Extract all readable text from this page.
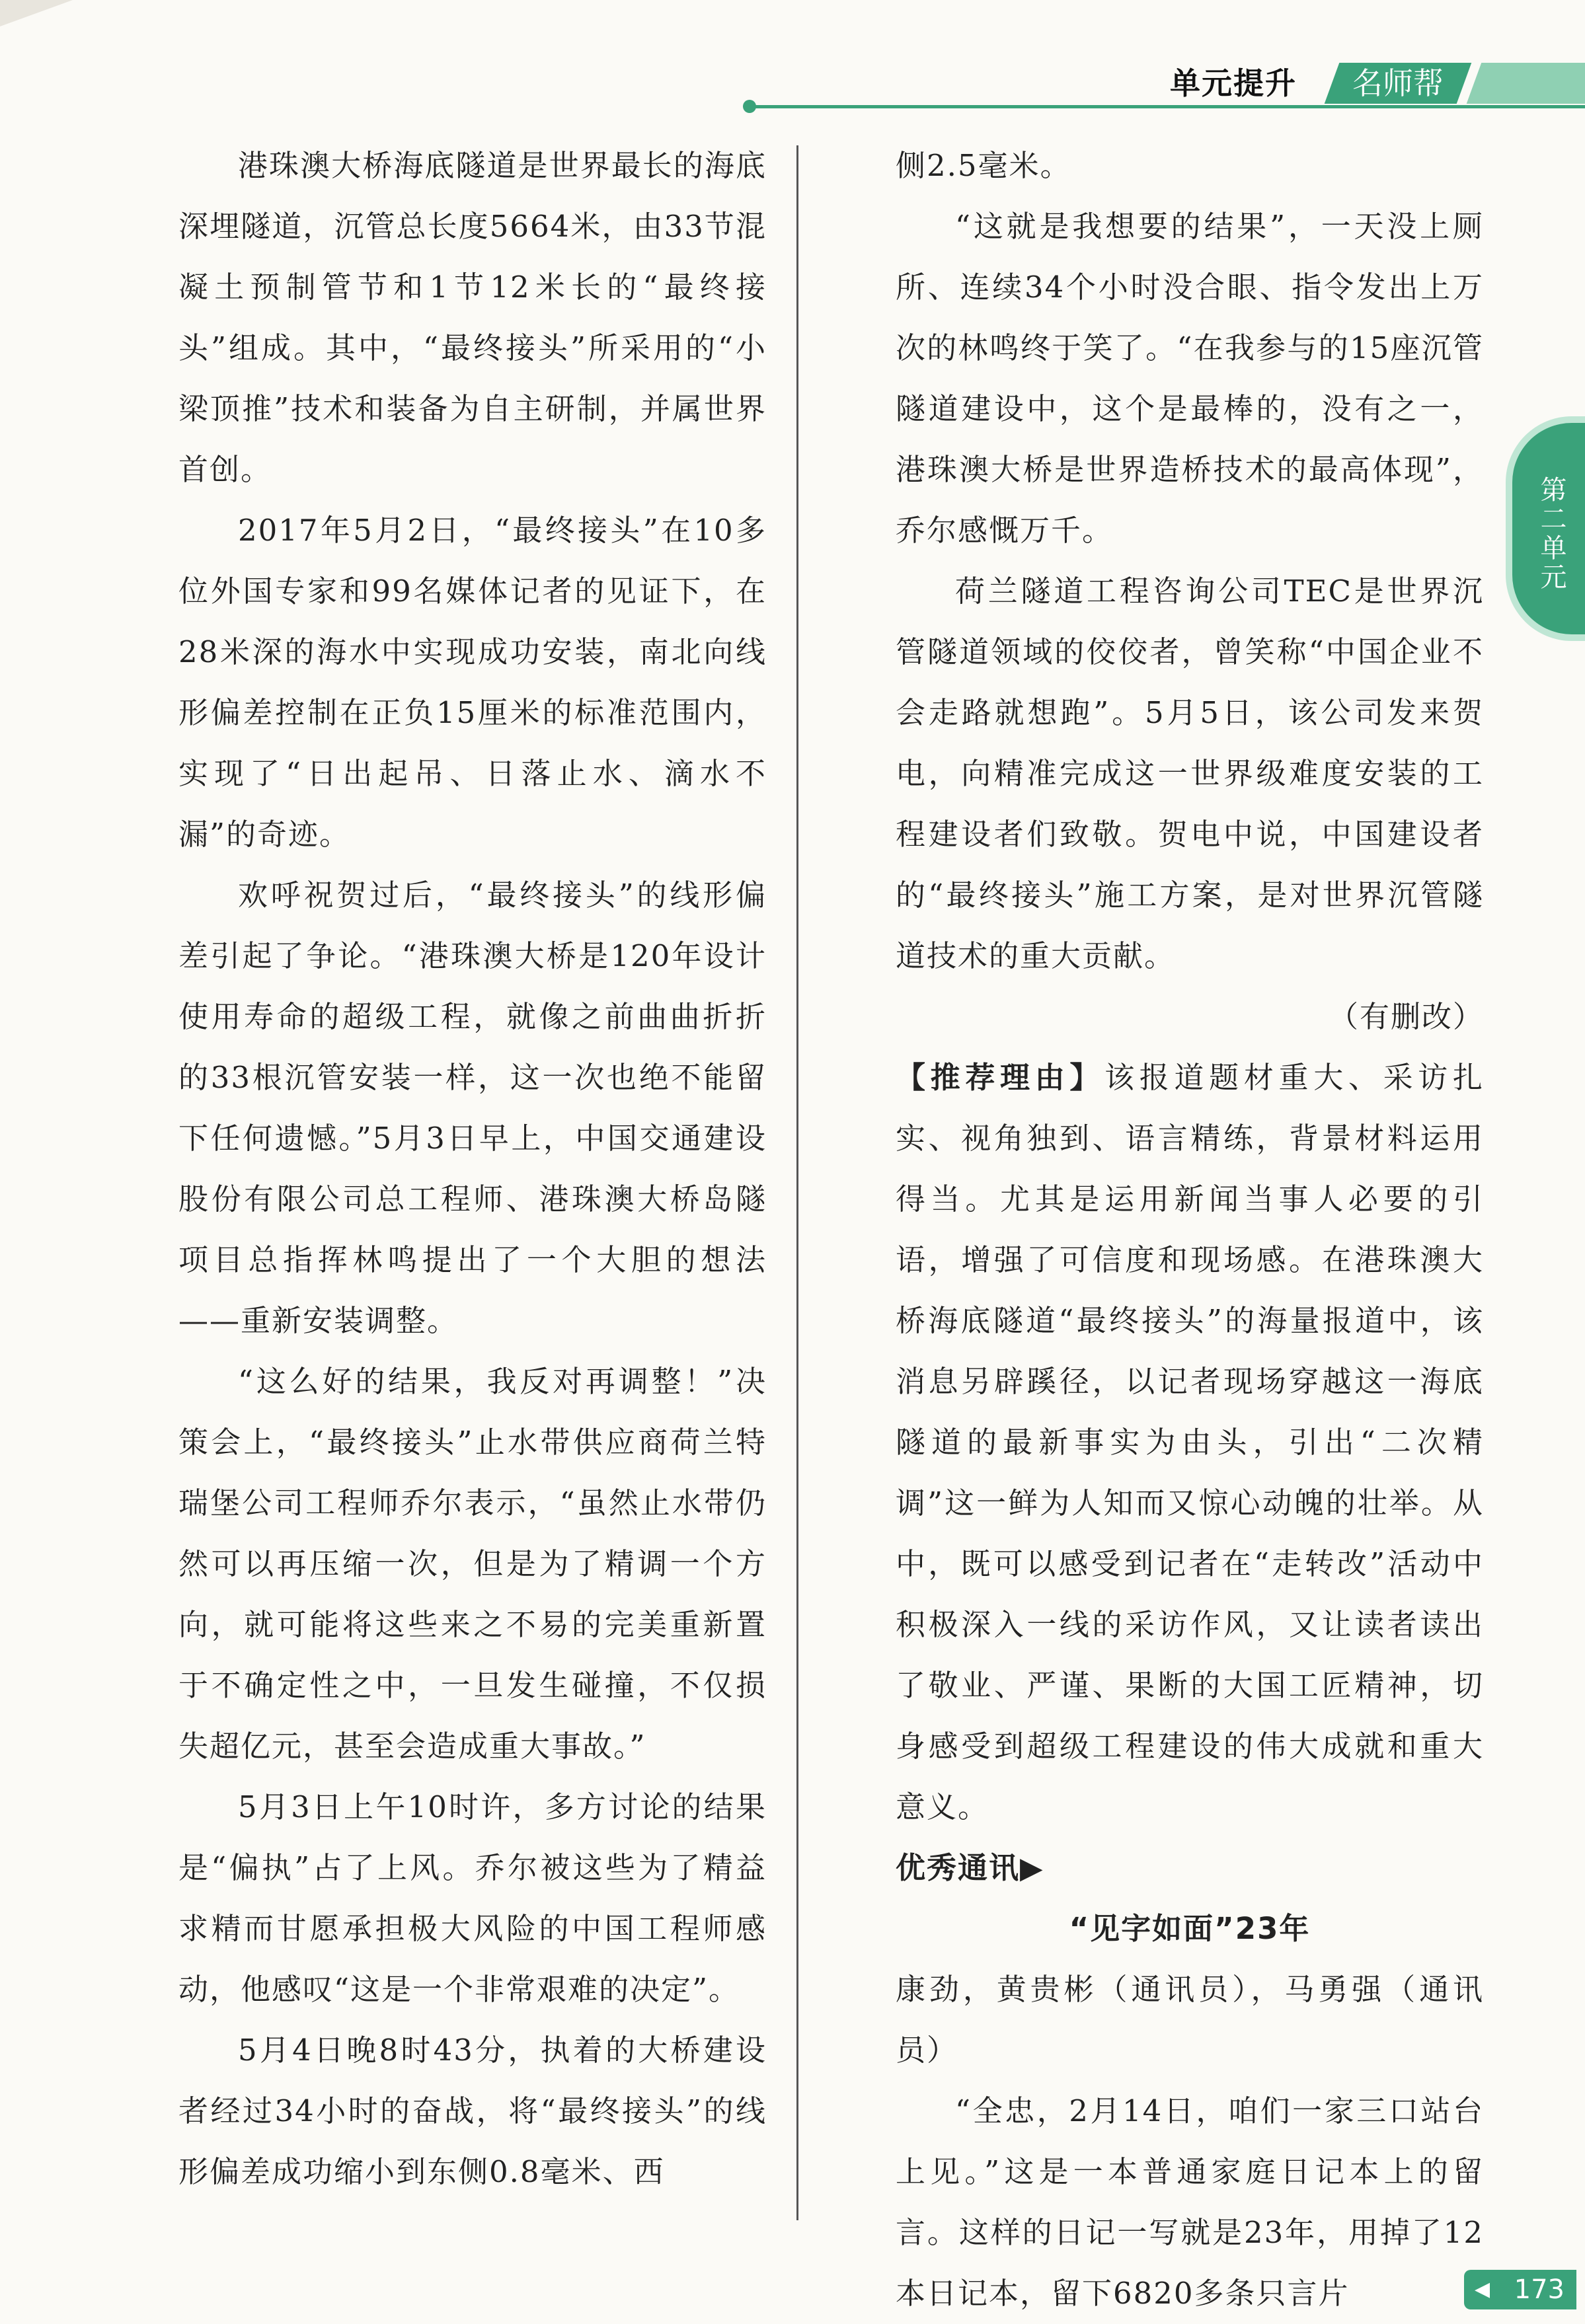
单元提升	名师帮
第二单元

港珠澳大桥海底隧道是世界最长的海底深埋隧道，沉管总长度5664米，由33节混凝土预制管节和1节12米长的“最终接头”组成。其中，“最终接头”所采用的“小梁顶推”技术和装备为自主研制，并属世界首创。

2017年5月2日，“最终接头”在10多位外国专家和99名媒体记者的见证下，在28米深的海水中实现成功安装，南北向线形偏差控制在正负15厘米的标准范围内，实现了“日出起吊、日落止水、滴水不漏”的奇迹。

欢呼祝贺过后，“最终接头”的线形偏差引起了争论。“港珠澳大桥是120年设计使用寿命的超级工程，就像之前曲曲折折的33根沉管安装一样，这一次也绝不能留下任何遗憾。”5月3日早上，中国交通建设股份有限公司总工程师、港珠澳大桥岛隧项目总指挥林鸣提出了一个大胆的想法——重新安装调整。

“这么好的结果，我反对再调整！”决策会上，“最终接头”止水带供应商荷兰特瑞堡公司工程师乔尔表示，“虽然止水带仍然可以再压缩一次，但是为了精调一个方向，就可能将这些来之不易的完美重新置于不确定性之中，一旦发生碰撞，不仅损失超亿元，甚至会造成重大事故。”

5月3日上午10时许，多方讨论的结果是“偏执”占了上风。乔尔被这些为了精益求精而甘愿承担极大风险的中国工程师感动，他感叹“这是一个非常艰难的决定”。

5月4日晚8时43分，执着的大桥建设者经过34小时的奋战，将“最终接头”的线形偏差成功缩小到东侧0.8毫米、西

侧2.5毫米。

“这就是我想要的结果”，一天没上厕所、连续34个小时没合眼、指令发出上万次的林鸣终于笑了。“在我参与的15座沉管隧道建设中，这个是最棒的，没有之一，港珠澳大桥是世界造桥技术的最高体现”，乔尔感慨万千。

荷兰隧道工程咨询公司TEC是世界沉管隧道领域的佼佼者，曾笑称“中国企业不会走路就想跑”。5月5日，该公司发来贺电，向精准完成这一世界级难度安装的工程建设者们致敬。贺电中说，中国建设者的“最终接头”施工方案，是对世界沉管隧道技术的重大贡献。

（有删改）

【推荐理由】该报道题材重大、采访扎实、视角独到、语言精练，背景材料运用得当。尤其是运用新闻当事人必要的引语，增强了可信度和现场感。在港珠澳大桥海底隧道“最终接头”的海量报道中，该消息另辟蹊径，以记者现场穿越这一海底隧道的最新事实为由头，引出“二次精调”这一鲜为人知而又惊心动魄的壮举。从中，既可以感受到记者在“走转改”活动中积极深入一线的采访作风，又让读者读出了敬业、严谨、果断的大国工匠精神，切身感受到超级工程建设的伟大成就和重大意义。

优秀通讯▶

“见字如面”23年

康劲，黄贵彬（通讯员），马勇强（通讯员）

“全忠，2月14日，咱们一家三口站台上见。”这是一本普通家庭日记本上的留言。这样的日记一写就是23年，用掉了12本日记本，留下6820多条只言片	◀ 173
